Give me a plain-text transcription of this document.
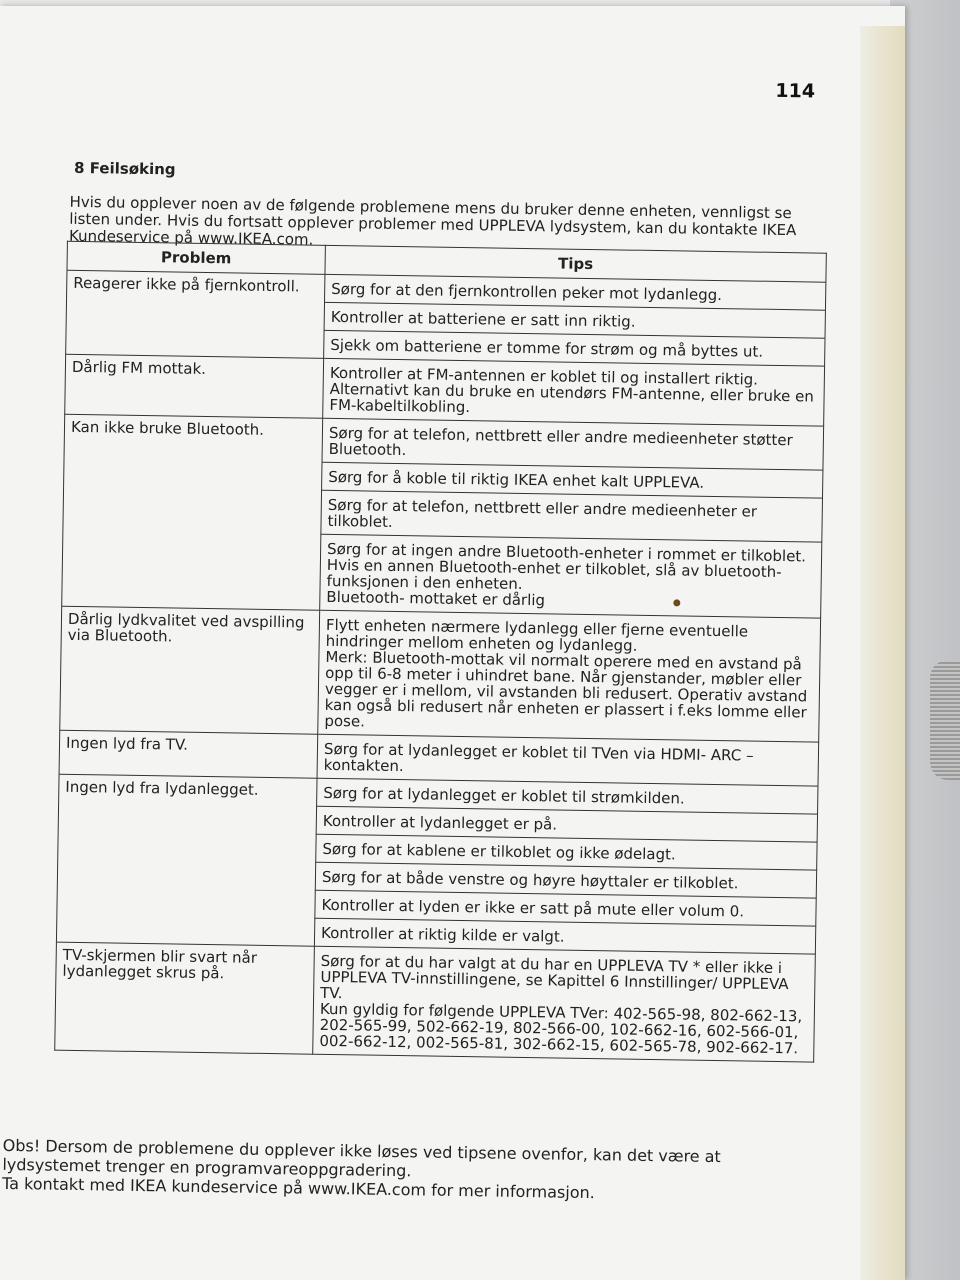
114
8 Feilsøking

Hvis du opplever noen av de følgende problemene mens du bruker denne enheten, vennligst se listen under. Hvis du fortsatt opplever problemer med UPPLEVA lydsystem, kan du kontakte IKEA Kundeservice på www.IKEA.com.
Problem	Tips
Reagerer ikke på fjernkontroll.	Sørg for at den fjernkontrollen peker mot lydanlegg.
	Kontroller at batteriene er satt inn riktig.
	Sjekk om batteriene er tomme for strøm og må byttes ut.
Dårlig FM mottak.	Kontroller at FM-antennen er koblet til og installert riktig. Alternativt kan du bruke en utendørs FM-antenne, eller bruke en FM-kabeltilkobling.
Kan ikke bruke Bluetooth.	Sørg for at telefon, nettbrett eller andre medieenheter støtter Bluetooth.
	Sørg for å koble til riktig IKEA enhet kalt UPPLEVA.
	Sørg for at telefon, nettbrett eller andre medieenheter er tilkoblet.
	Sørg for at ingen andre Bluetooth-enheter i rommet er tilkoblet. Hvis en annen Bluetooth-enhet er tilkoblet, slå av bluetooth-funksjonen i den enheten.
Bluetooth- mottaket er dårlig
Dårlig lydkvalitet ved avspilling via Bluetooth.	Flytt enheten nærmere lydanlegg eller fjerne eventuelle hindringer mellom enheten og lydanlegg.
Merk: Bluetooth-mottak vil normalt operere med en avstand på opp til 6-8 meter i uhindret bane. Når gjenstander, møbler eller vegger er i mellom, vil avstanden bli redusert. Operativ avstand kan også bli redusert når enheten er plassert i f.eks lomme eller pose.
Ingen lyd fra TV.	Sørg for at lydanlegget er koblet til TVen via HDMI- ARC –kontakten.
Ingen lyd fra lydanlegget.	Sørg for at lydanlegget er koblet til strømkilden.
	Kontroller at lydanlegget er på.
	Sørg for at kablene er tilkoblet og ikke ødelagt.
	Sørg for at både venstre og høyre høyttaler er tilkoblet.
	Kontroller at lyden er ikke er satt på mute eller volum 0.
	Kontroller at riktig kilde er valgt.
TV-skjermen blir svart når lydanlegget skrus på.	Sørg for at du har valgt at du har en UPPLEVA TV * eller ikke i UPPLEVA TV-innstillingene, se Kapittel 6 Innstillinger/ UPPLEVA TV.
Kun gyldig for følgende UPPLEVA TVer: 402-565-98, 802-662-13, 202-565-99, 502-662-19, 802-566-00, 102-662-16, 602-566-01, 002-662-12, 002-565-81, 302-662-15, 602-565-78, 902-662-17.
Obs! Dersom de problemene du opplever ikke løses ved tipsene ovenfor, kan det være at lydsystemet trenger en programvareoppgradering.
Ta kontakt med IKEA kundeservice på www.IKEA.com for mer informasjon.
